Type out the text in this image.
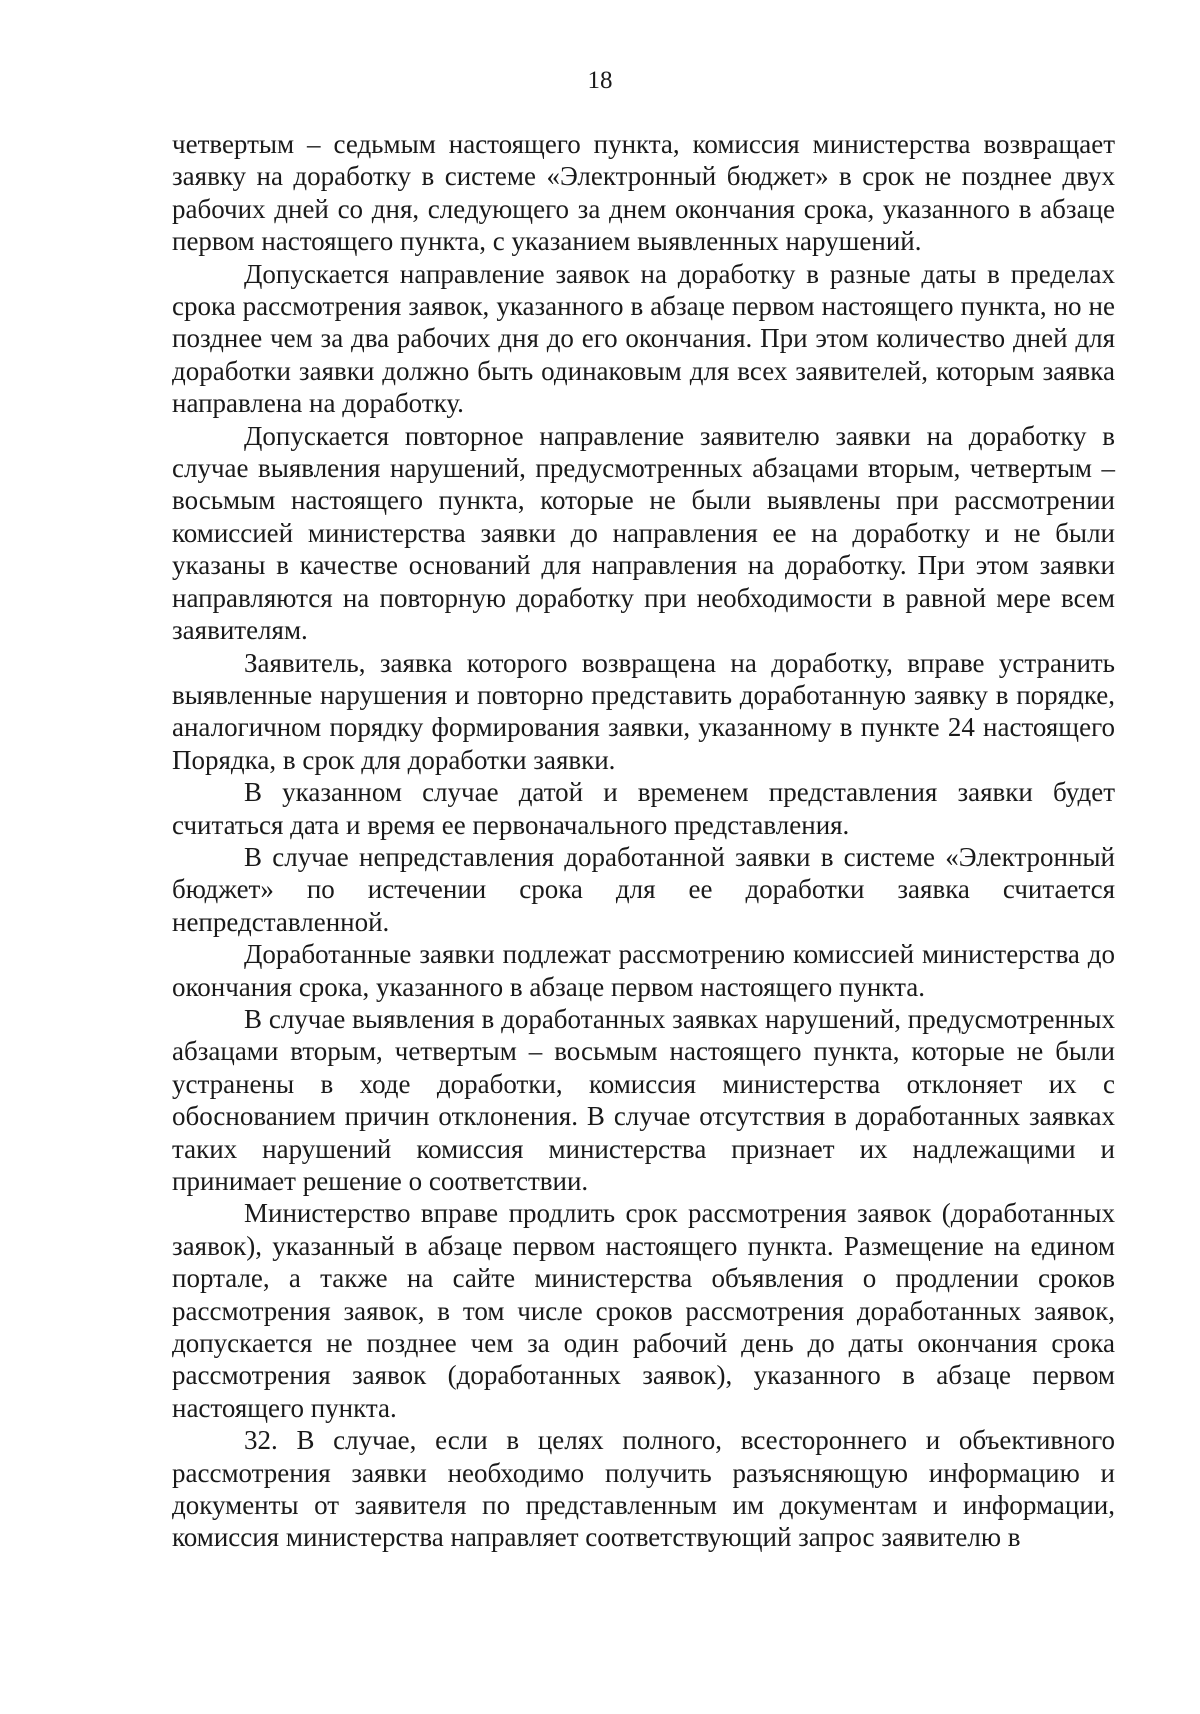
18

четвертым – седьмым настоящего пункта, комиссия министерства возвращает заявку на доработку в системе «Электронный бюджет» в срок не позднее двух рабочих дней со дня, следующего за днем окончания срока, указанного в абзаце первом настоящего пункта, с указанием выявленных нарушений.

Допускается направление заявок на доработку в разные даты в пределах срока рассмотрения заявок, указанного в абзаце первом настоящего пункта, но не позднее чем за два рабочих дня до его окончания. При этом количество дней для доработки заявки должно быть одинаковым для всех заявителей, которым заявка направлена на доработку.

Допускается повторное направление заявителю заявки на доработку в случае выявления нарушений, предусмотренных абзацами вторым, четвертым – восьмым настоящего пункта, которые не были выявлены при рассмотрении комиссией министерства заявки до направления ее на доработку и не были указаны в качестве оснований для направления на доработку. При этом заявки направляются на повторную доработку при необходимости в равной мере всем заявителям.

Заявитель, заявка которого возвращена на доработку, вправе устранить выявленные нарушения и повторно представить доработанную заявку в порядке, аналогичном порядку формирования заявки, указанному в пункте 24 настоящего Порядка, в срок для доработки заявки.

В указанном случае датой и временем представления заявки будет считаться дата и время ее первоначального представления.

В случае непредставления доработанной заявки в системе «Электронный бюджет» по истечении срока для ее доработки заявка считается непредставленной.

Доработанные заявки подлежат рассмотрению комиссией министерства до окончания срока, указанного в абзаце первом настоящего пункта.

В случае выявления в доработанных заявках нарушений, предусмотренных абзацами вторым, четвертым – восьмым настоящего пункта, которые не были устранены в ходе доработки, комиссия министерства отклоняет их с обоснованием причин отклонения. В случае отсутствия в доработанных заявках таких нарушений комиссия министерства признает их надлежащими и принимает решение о соответствии.

Министерство вправе продлить срок рассмотрения заявок (доработанных заявок), указанный в абзаце первом настоящего пункта. Размещение на едином портале, а также на сайте министерства объявления о продлении сроков рассмотрения заявок, в том числе сроков рассмотрения доработанных заявок, допускается не позднее чем за один рабочий день до даты окончания срока рассмотрения заявок (доработанных заявок), указанного в абзаце первом настоящего пункта.

32. В случае, если в целях полного, всестороннего и объективного рассмотрения заявки необходимо получить разъясняющую информацию и документы от заявителя по представленным им документам и информации, комиссия министерства направляет соответствующий запрос заявителю в
